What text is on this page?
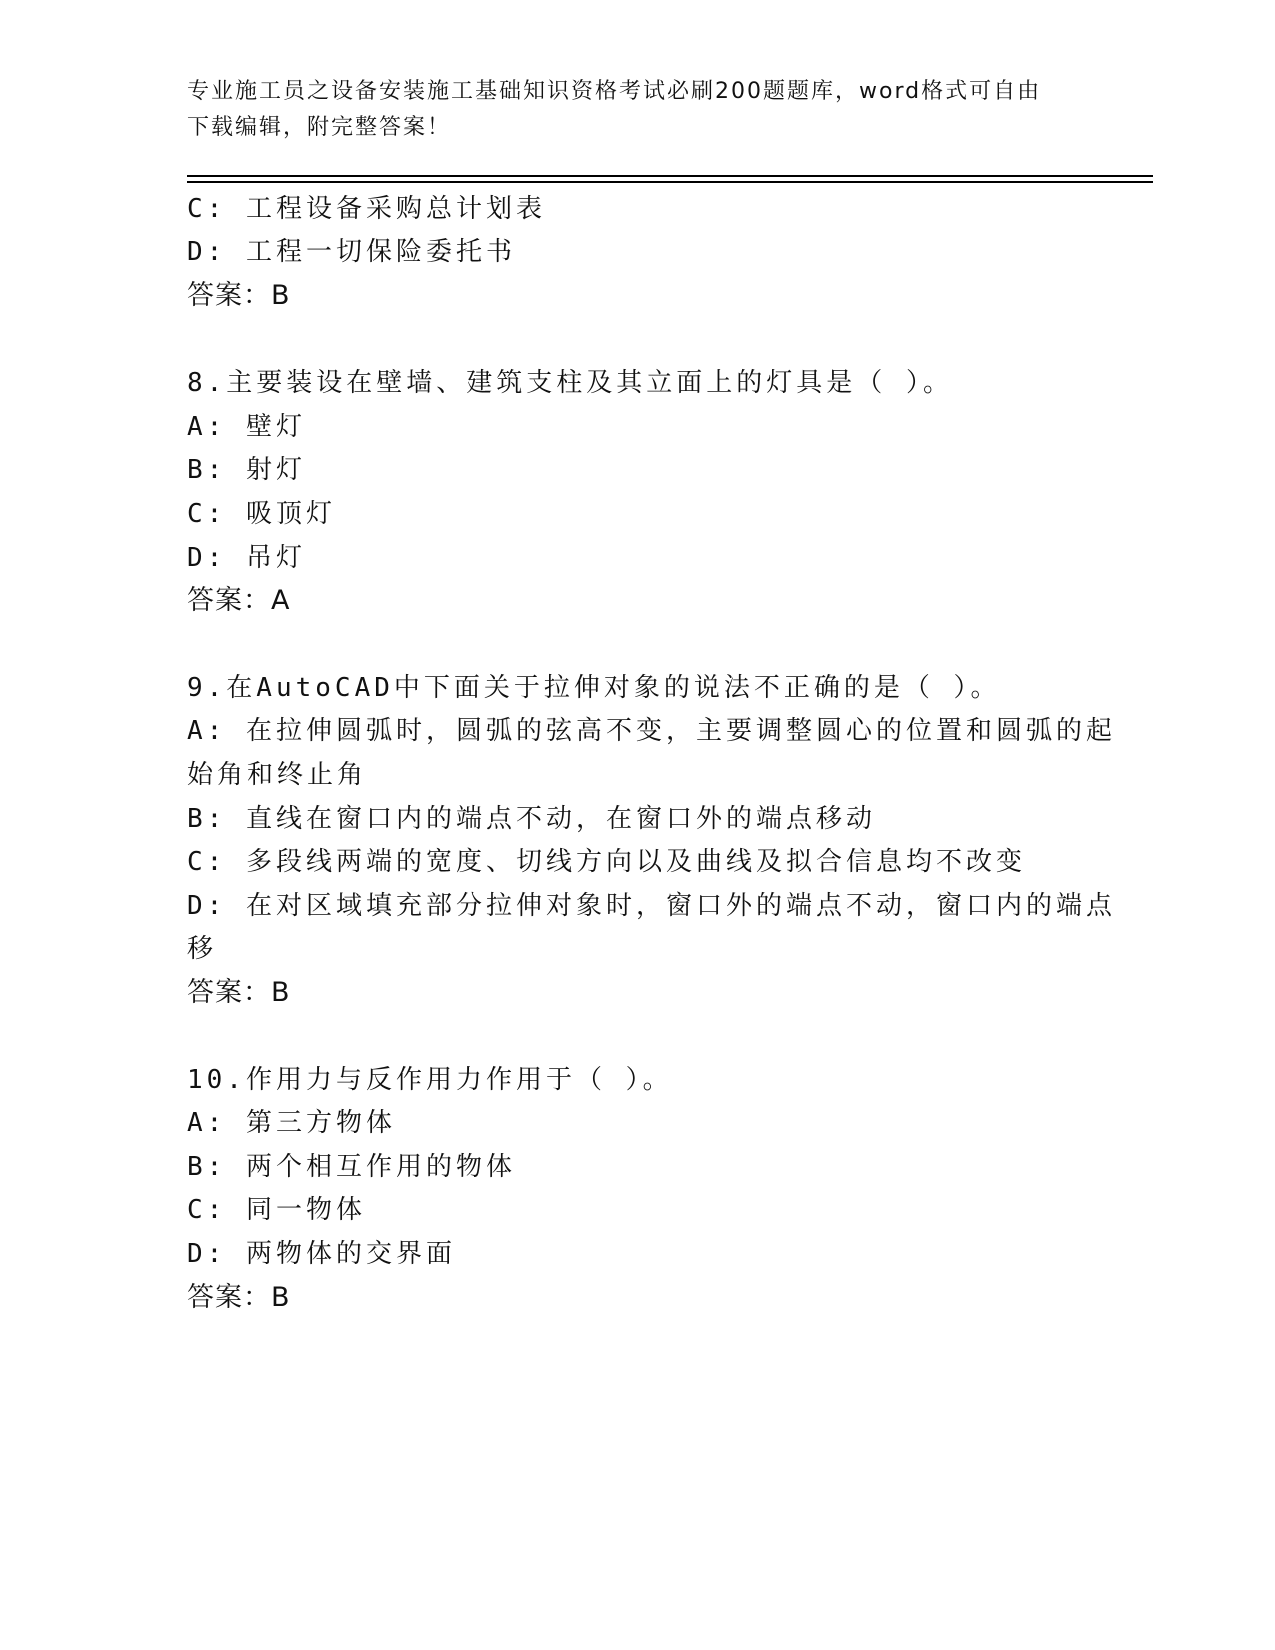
专业施工员之设备安装施工基础知识资格考试必刷200题题库，word格式可自由
下载编辑，附完整答案！
C: 工程设备采购总计划表
D: 工程一切保险委托书
答案：B
8.主要装设在壁墙、建筑支柱及其立面上的灯具是（ ）。
A: 壁灯
B: 射灯
C: 吸顶灯
D: 吊灯
答案：A
9.在AutoCAD中下面关于拉伸对象的说法不正确的是（ ）。
A: 在拉伸圆弧时，圆弧的弦高不变，主要调整圆心的位置和圆弧的起
始角和终止角
B: 直线在窗口内的端点不动，在窗口外的端点移动
C: 多段线两端的宽度、切线方向以及曲线及拟合信息均不改变
D: 在对区域填充部分拉伸对象时，窗口外的端点不动，窗口内的端点
移
答案：B
10.作用力与反作用力作用于（ ）。
A: 第三方物体
B: 两个相互作用的物体
C: 同一物体
D: 两物体的交界面
答案：B
